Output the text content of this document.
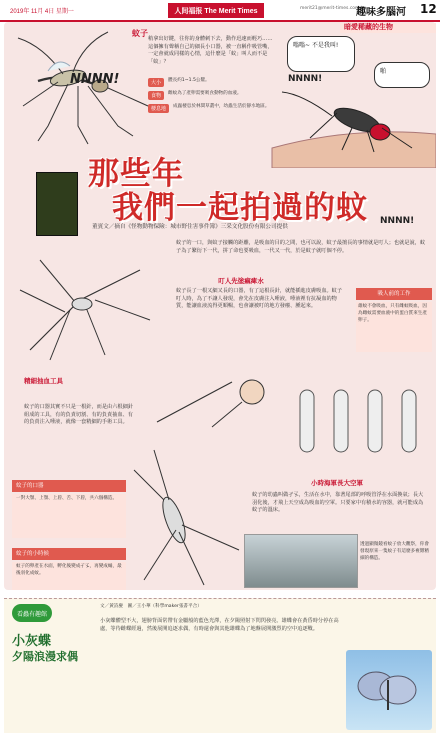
2019年 11月 4日 星期一	人间福报 The Merit Times	merit21@merit-times.com.tw
趣味多腦河 12
暗愛稀藏的生物
NNNN!
蚊子
稍拿出好鍵，往你的身體刺下去，動作迅速而輕巧……這個擁有聲稱自己的細長小口器，被一直稱作吸管嘴，一定會就成同樣的心情，這什麼是「蚊」叫人而不是「蚊」？
大小	體長約1~1.5公釐。
食物	雌蚊為了產卵需要吸食動物的血液。
棲息地	成蟲棲息於林間草叢中，幼蟲生活於靜水地區。
嗡嗡~ 不是我叫!
NNNN!
啪
那些年
我們一起拍過的蚊 NNNN!
董賓文／摘自《怪物動物保險：城市野住害事件簿》三采文化股份有限公司提供
蚊子的一口，與蚊子接觸的距離，是吸血的目的之間，也可以說，蚊子最擅長的事情就是叮人；也就是說，蚊子為了繁衍下一代，拼了命也要吸血，一代又一代，於是蚊子就叮個不停。
叮人先塗痲痺水
蚊子長了一根又細又長的口器，有了這根長針，就能插進皮膚吸血。蚊子叮人時，為了不讓人發現，會先在皮膚注入唾液，唾液裡有抗凝血的物質，能讓血液流得更順暢，也會讓被叮的地方發癢、腫起來。
吸人前的工作
雄蚊不會吸血，只有雌蚊吸血，因為雌蚊需要血液中的蛋白質來生產卵子。
精細抽血工具
蚊子的口器其實不只是一根針，而是由六根細針組成的工具，有的負責切割、有的負責抽血、有的負責注入唾液，就像一套精細的手術工具。
蚊子的口器
一對大顎、上顎、上唇、舌、下唇，共六個構造。
蚊子的小時候
蚊子的卵產在水面，孵化後變成孑孓，再變成蛹，最後羽化成蚊。
小時海軍長大空軍
蚊子的幼蟲叫做孑孓，生活在水中，靠著尾部的呼吸管浮在水面換氣；長大羽化後，才飛上天空成為吸血的空軍。只要家中有積水的容器，就可能成為蚊子的溫床。
透過顯微鏡看蚊子放大觀察，你會發現原來一隻蚊子有這麼多複雜精細的構造。
看蟲有趣館
小灰蝶
夕陽浪漫求偶
文／黃詩慶　圖／王小華（科學maker張書平合）
小灰蝶體型不大，翅膀背面常帶有金屬般的藍色光澤，在夕陽照射下閃閃發亮。雄蝶會在黃昏時分停在高處，等待雌蝶經過，然後展開追逐求偶，有時還會與其他雄蝶為了地盤展開激烈的空中追逐戰。
